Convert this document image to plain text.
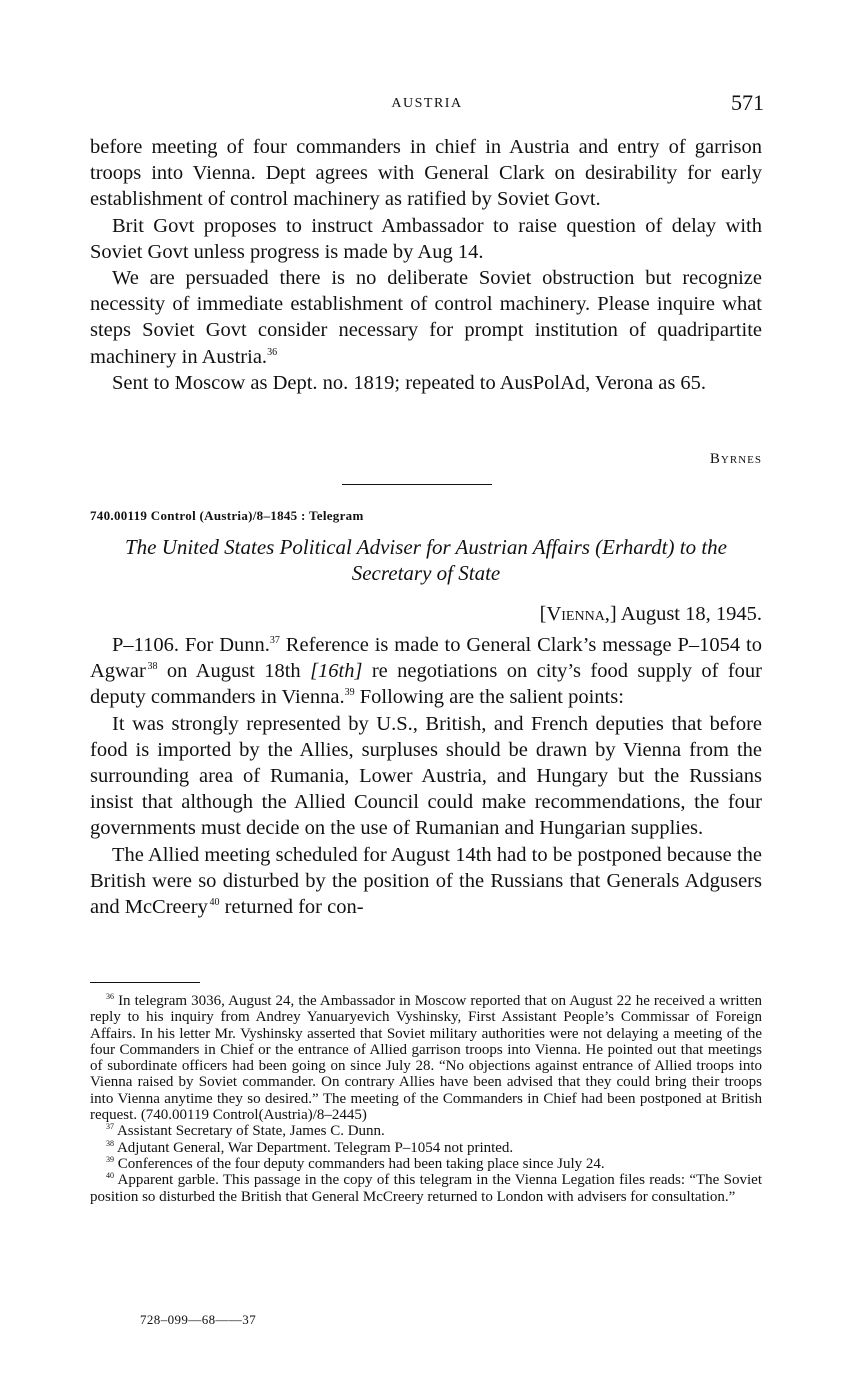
AUSTRIA	571

before meeting of four commanders in chief in Austria and entry of garrison troops into Vienna. Dept agrees with General Clark on desirability for early establishment of control machinery as ratified by Soviet Govt.

Brit Govt proposes to instruct Ambassador to raise question of delay with Soviet Govt unless progress is made by Aug 14.

We are persuaded there is no deliberate Soviet obstruction but recognize necessity of immediate establishment of control machinery. Please inquire what steps Soviet Govt consider necessary for prompt institution of quadripartite machinery in Austria.$^{36}$

Sent to Moscow as Dept. no. 1819; repeated to AusPolAd, Verona as 65.

Byrnes
740.00119 Control (Austria)/8–1845 : Telegram
The United States Political Adviser for Austrian Affairs (Erhardt) to the Secretary of State
[Vienna,] August 18, 1945.

P–1106. For Dunn.$^{37}$ Reference is made to General Clark’s message P–1054 to Agwar  $^{38}$ on August 18th [16th] re negotiations on city’s food supply of four deputy commanders in Vienna.$^{39}$ Following are the salient points:

It was strongly represented by U.S., British, and French deputies that before food is imported by the Allies, surpluses should be drawn by Vienna from the surrounding area of Rumania, Lower Austria, and Hungary but the Russians insist that although the Allied Council could make recommendations, the four governments must decide on the use of Rumanian and Hungarian supplies.

The Allied meeting scheduled for August 14th had to be postponed because the British were so disturbed by the position of the Russians that Generals Adgusers and McCreery  $^{40}$ returned for con-

$^{36}$ In telegram 3036, August 24, the Ambassador in Moscow reported that on August 22 he received a written reply to his inquiry from Andrey Yanuaryevich Vyshinsky, First Assistant People’s Commissar of Foreign Affairs. In his letter Mr. Vyshinsky asserted that Soviet military authorities were not delaying a meeting of the four Commanders in Chief or the entrance of Allied garrison troops into Vienna. He pointed out that meetings of subordinate officers had been going on since July 28. “No objections against entrance of Allied troops into Vienna raised by Soviet commander. On contrary Allies have been advised that they could bring their troops into Vienna anytime they so desired.” The meeting of the Commanders in Chief had been postponed at British request. (740.00119 Control(Austria)/8–2445)

$^{37}$ Assistant Secretary of State, James C. Dunn.

$^{38}$ Adjutant General, War Department. Telegram P–1054 not printed.

$^{39}$ Conferences of the four deputy commanders had been taking place since July 24.

$^{40}$ Apparent garble. This passage in the copy of this telegram in the Vienna Legation files reads: “The Soviet position so disturbed the British that General McCreery returned to London with advisers for consultation.”

728–099—68——37
